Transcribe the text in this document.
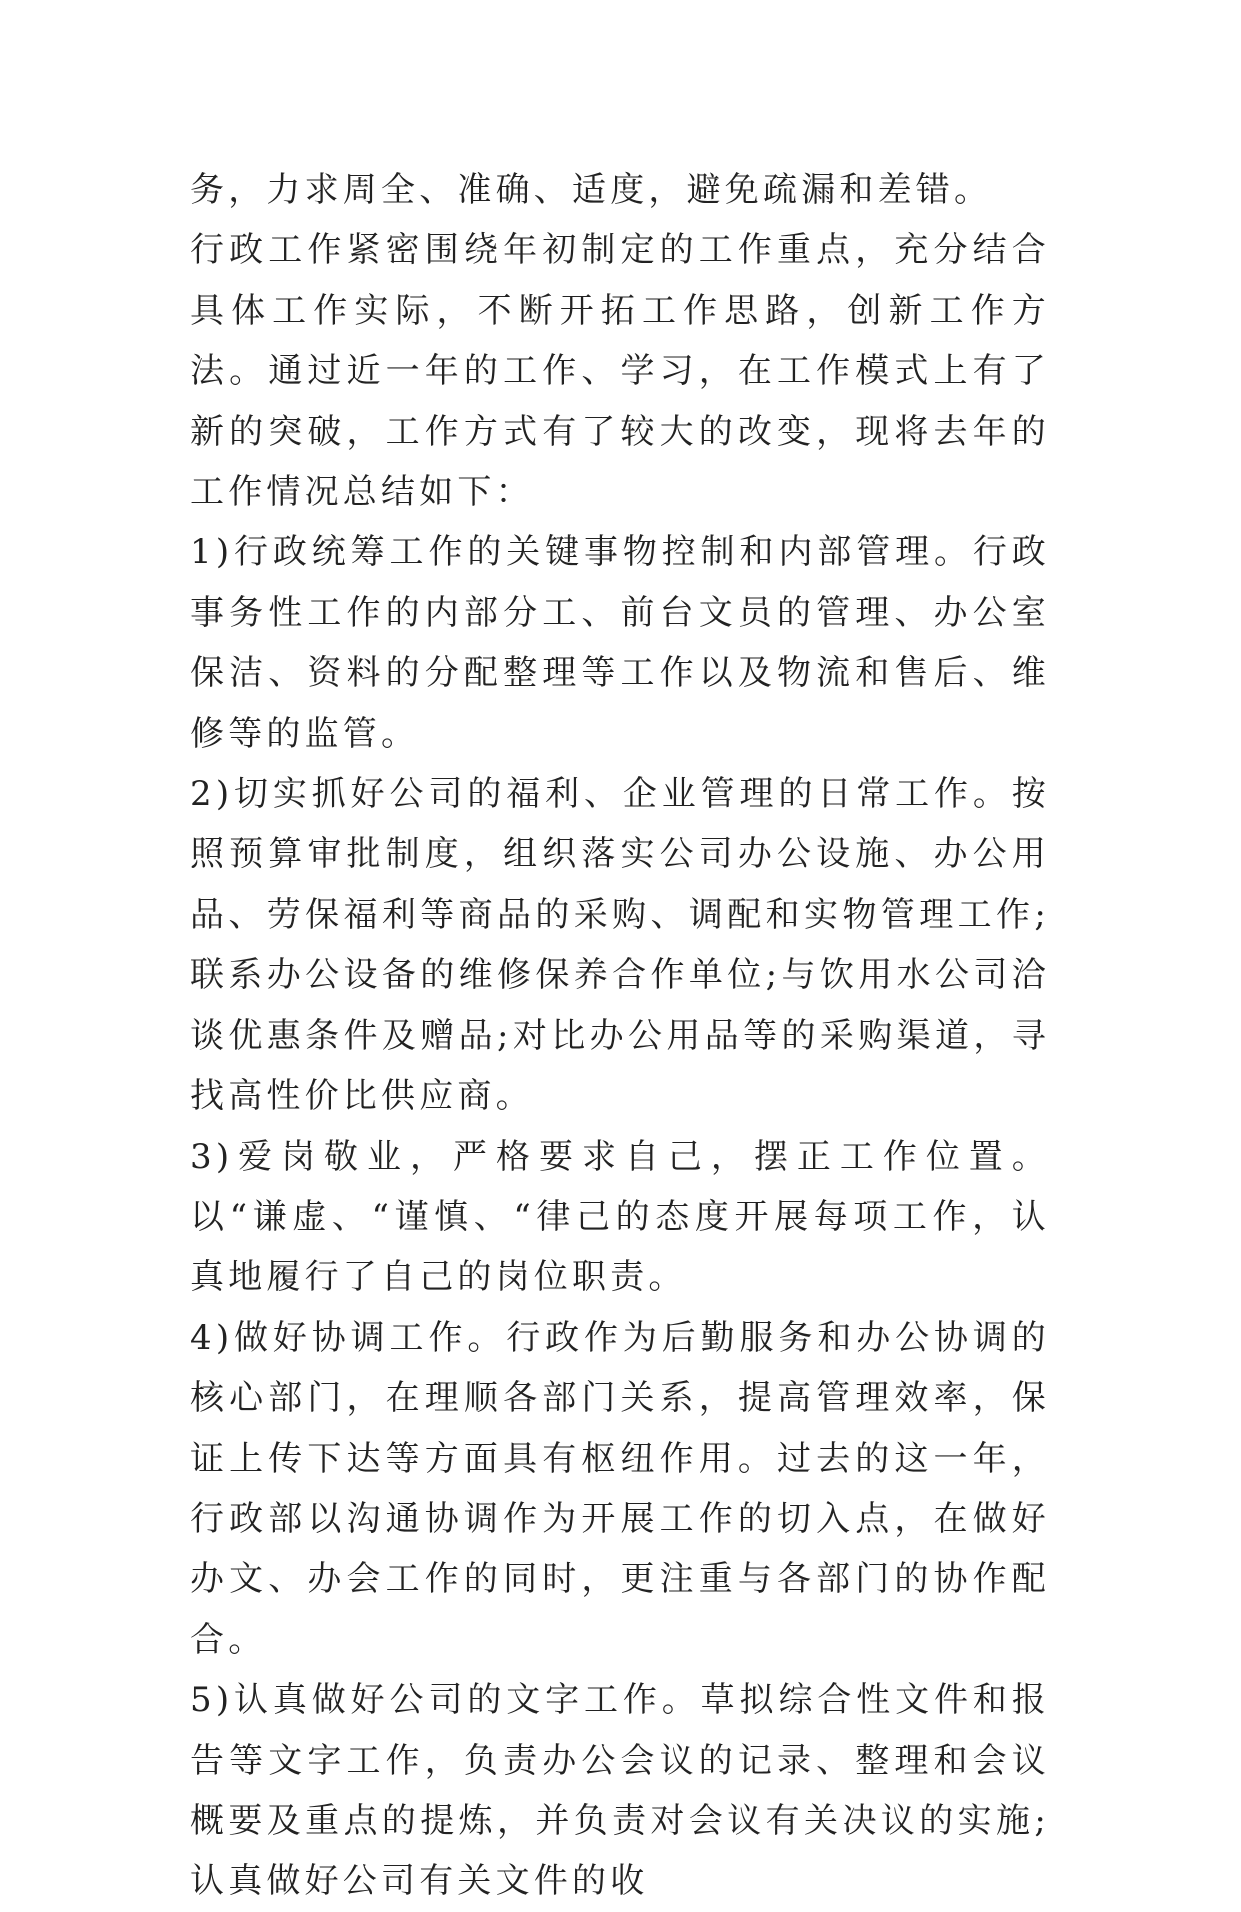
务，力求周全、准确、适度，避免疏漏和差错。

行政工作紧密围绕年初制定的工作重点，充分结合具体工作实际，不断开拓工作思路，创新工作方法。通过近一年的工作、学习，在工作模式上有了新的突破，工作方式有了较大的改变，现将去年的工作情况总结如下：

1)行政统筹工作的关键事物控制和内部管理。行政事务性工作的内部分工、前台文员的管理、办公室保洁、资料的分配整理等工作以及物流和售后、维修等的监管。

2)切实抓好公司的福利、企业管理的日常工作。按照预算审批制度，组织落实公司办公设施、办公用品、劳保福利等商品的采购、调配和实物管理工作;联系办公设备的维修保养合作单位;与饮用水公司洽谈优惠条件及赠品;对比办公用品等的采购渠道，寻找高性价比供应商。

3)爱岗敬业，严格要求自己，摆正工作位置。以“谦虚、“谨慎、“律己的态度开展每项工作，认真地履行了自己的岗位职责。

4)做好协调工作。行政作为后勤服务和办公协调的核心部门，在理顺各部门关系，提高管理效率，保证上传下达等方面具有枢纽作用。过去的这一年，行政部以沟通协调作为开展工作的切入点，在做好办文、办会工作的同时，更注重与各部门的协作配合。

5)认真做好公司的文字工作。草拟综合性文件和报告等文字工作，负责办公会议的记录、整理和会议概要及重点的提炼，并负责对会议有关决议的实施;认真做好公司有关文件的收
